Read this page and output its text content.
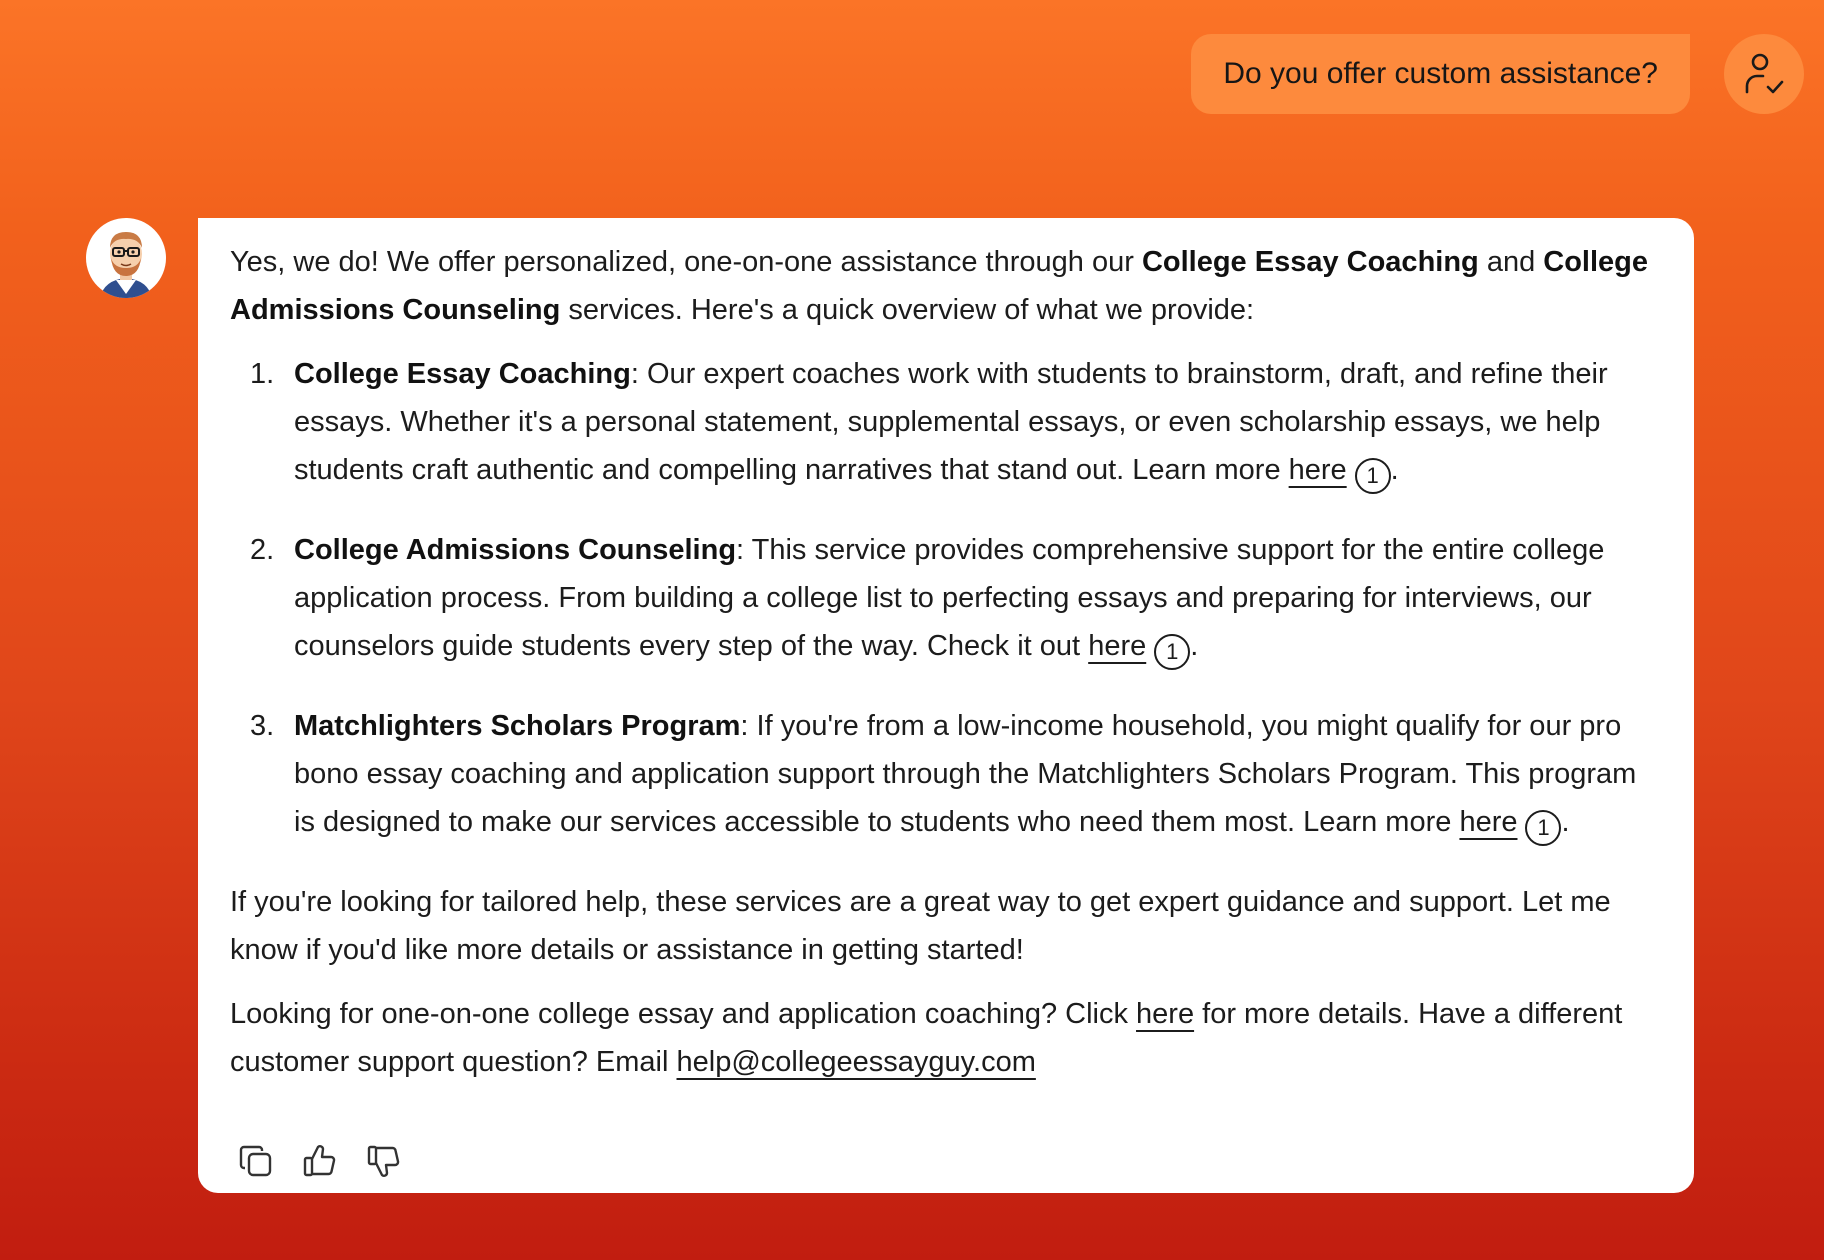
Do you offer custom assistance?

Yes, we do! We offer personalized, one-on-one assistance through our College Essay Coaching and College Admissions Counseling services. Here's a quick overview of what we provide:

1. College Essay Coaching: Our expert coaches work with students to brainstorm, draft, and refine their essays. Whether it's a personal statement, supplemental essays, or even scholarship essays, we help students craft authentic and compelling narratives that stand out. Learn more here 1 .
2. College Admissions Counseling: This service provides comprehensive support for the entire college application process. From building a college list to perfecting essays and preparing for interviews, our counselors guide students every step of the way. Check it out here 1 .
3. Matchlighters Scholars Program: If you're from a low-income household, you might qualify for our pro bono essay coaching and application support through the Matchlighters Scholars Program. This program is designed to make our services accessible to students who need them most. Learn more here 1 .

If you're looking for tailored help, these services are a great way to get expert guidance and support. Let me know if you'd like more details or assistance in getting started!

Looking for one-on-one college essay and application coaching? Click here for more details. Have a different customer support question? Email help@collegeessayguy.com
